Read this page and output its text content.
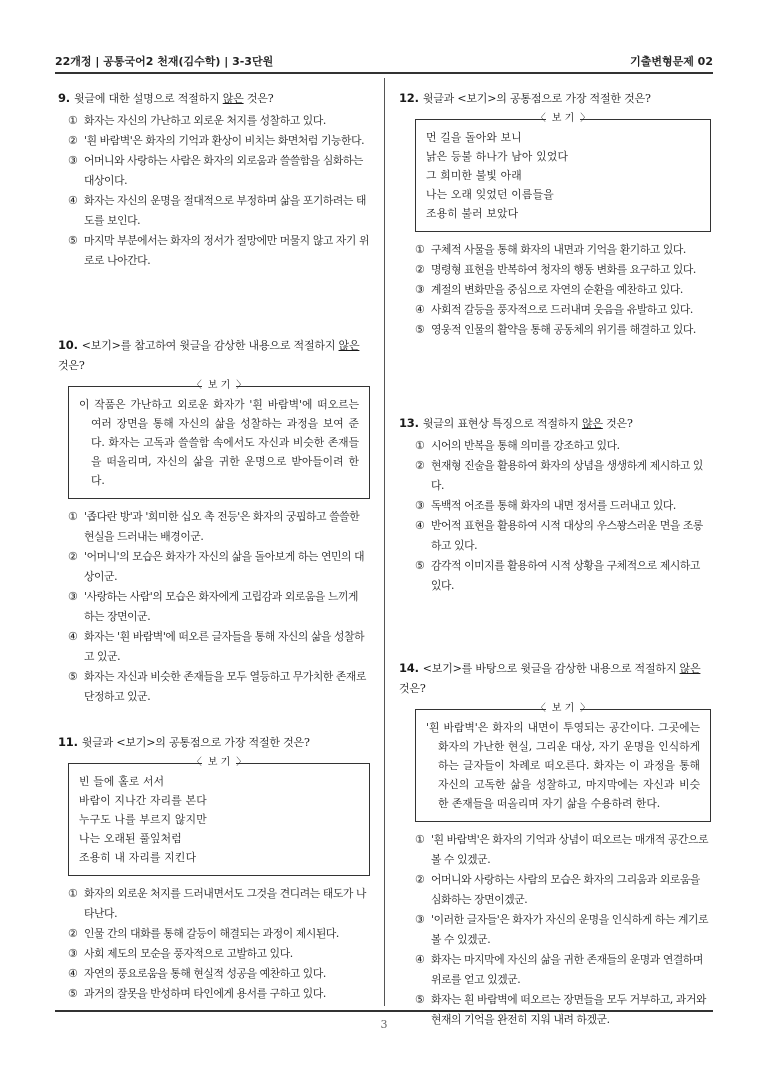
22개정 | 공통국어2 천재(김수학) | 3-3단원	기출변형문제 02
9. 윗글에 대한 설명으로 적절하지 않은 것은?
① 화자는 자신의 가난하고 외로운 처지를 성찰하고 있다.
② '흰 바람벽'은 화자의 기억과 환상이 비치는 화면처럼 기능한다.
③ 어머니와 사랑하는 사람은 화자의 외로움과 쓸쓸함을 심화하는 대상이다.
④ 화자는 자신의 운명을 절대적으로 부정하며 삶을 포기하려는 태도를 보인다.
⑤ 마지막 부분에서는 화자의 정서가 절망에만 머물지 않고 자기 위로로 나아간다.
10. <보기>를 참고하여 윗글을 감상한 내용으로 적절하지 않은 것은?
〈 보 기 〉
이 작품은 가난하고 외로운 화자가 '흰 바람벽'에 떠오르는 여러 장면을 통해 자신의 삶을 성찰하는 과정을 보여 준다. 화자는 고독과 쓸쓸함 속에서도 자신과 비슷한 존재들을 떠올리며, 자신의 삶을 귀한 운명으로 받아들이려 한다.
① '좁다란 방'과 '희미한 십오 촉 전등'은 화자의 궁핍하고 쓸쓸한 현실을 드러내는 배경이군.
② '어머니'의 모습은 화자가 자신의 삶을 돌아보게 하는 연민의 대상이군.
③ '사랑하는 사람'의 모습은 화자에게 고립감과 외로움을 느끼게 하는 장면이군.
④ 화자는 '흰 바람벽'에 떠오른 글자들을 통해 자신의 삶을 성찰하고 있군.
⑤ 화자는 자신과 비슷한 존재들을 모두 열등하고 무가치한 존재로 단정하고 있군.
11. 윗글과 <보기>의 공통점으로 가장 적절한 것은?
〈 보 기 〉
빈 들에 홀로 서서
바람이 지나간 자리를 본다
누구도 나를 부르지 않지만
나는 오래된 풀잎처럼
조용히 내 자리를 지킨다
① 화자의 외로운 처지를 드러내면서도 그것을 견디려는 태도가 나타난다.
② 인물 간의 대화를 통해 갈등이 해결되는 과정이 제시된다.
③ 사회 제도의 모순을 풍자적으로 고발하고 있다.
④ 자연의 풍요로움을 통해 현실적 성공을 예찬하고 있다.
⑤ 과거의 잘못을 반성하며 타인에게 용서를 구하고 있다.
12. 윗글과 <보기>의 공통점으로 가장 적절한 것은?
〈 보 기 〉
먼 길을 돌아와 보니
낡은 등불 하나가 남아 있었다
그 희미한 불빛 아래
나는 오래 잊었던 이름들을
조용히 불러 보았다
① 구체적 사물을 통해 화자의 내면과 기억을 환기하고 있다.
② 명령형 표현을 반복하여 청자의 행동 변화를 요구하고 있다.
③ 계절의 변화만을 중심으로 자연의 순환을 예찬하고 있다.
④ 사회적 갈등을 풍자적으로 드러내며 웃음을 유발하고 있다.
⑤ 영웅적 인물의 활약을 통해 공동체의 위기를 해결하고 있다.
13. 윗글의 표현상 특징으로 적절하지 않은 것은?
① 시어의 반복을 통해 의미를 강조하고 있다.
② 현재형 진술을 활용하여 화자의 상념을 생생하게 제시하고 있다.
③ 독백적 어조를 통해 화자의 내면 정서를 드러내고 있다.
④ 반어적 표현을 활용하여 시적 대상의 우스꽝스러운 면을 조롱하고 있다.
⑤ 감각적 이미지를 활용하여 시적 상황을 구체적으로 제시하고 있다.
14. <보기>를 바탕으로 윗글을 감상한 내용으로 적절하지 않은 것은?
〈 보 기 〉
'흰 바람벽'은 화자의 내면이 투영되는 공간이다. 그곳에는 화자의 가난한 현실, 그리운 대상, 자기 운명을 인식하게 하는 글자들이 차례로 떠오른다. 화자는 이 과정을 통해 자신의 고독한 삶을 성찰하고, 마지막에는 자신과 비슷한 존재들을 떠올리며 자기 삶을 수용하려 한다.
① '흰 바람벽'은 화자의 기억과 상념이 떠오르는 매개적 공간으로 볼 수 있겠군.
② 어머니와 사랑하는 사람의 모습은 화자의 그리움과 외로움을 심화하는 장면이겠군.
③ '이러한 글자들'은 화자가 자신의 운명을 인식하게 하는 계기로 볼 수 있겠군.
④ 화자는 마지막에 자신의 삶을 귀한 존재들의 운명과 연결하며 위로를 얻고 있겠군.
⑤ 화자는 흰 바람벽에 떠오르는 장면들을 모두 거부하고, 과거와 현재의 기억을 완전히 지워 내려 하겠군.
3
